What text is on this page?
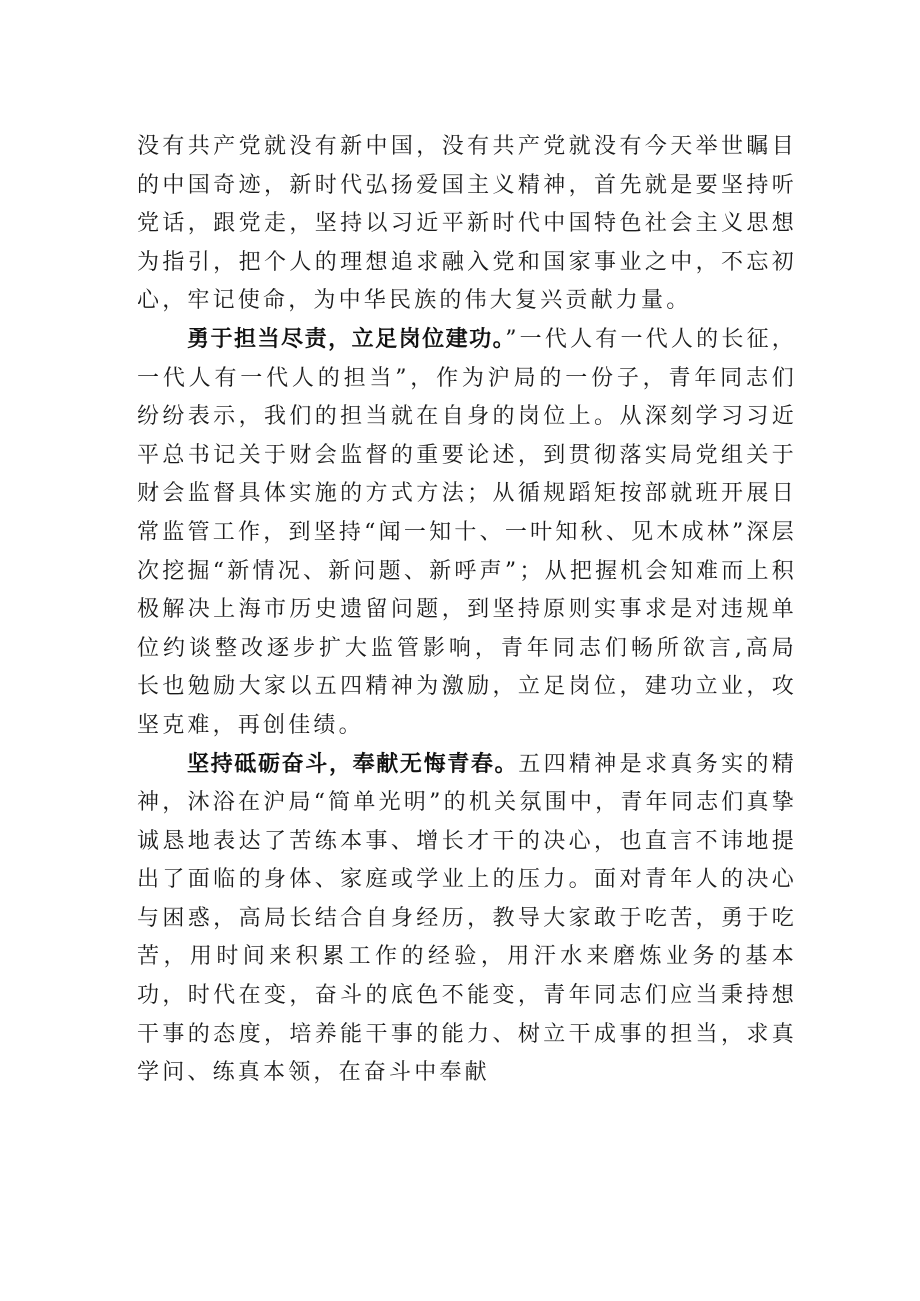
没有共产党就没有新中国，没有共产党就没有今天举世瞩目的中国奇迹，新时代弘扬爱国主义精神，首先就是要坚持听党话，跟党走，坚持以习近平新时代中国特色社会主义思想为指引，把个人的理想追求融入党和国家事业之中，不忘初心，牢记使命，为中华民族的伟大复兴贡献力量。

勇于担当尽责，立足岗位建功。”一代人有一代人的长征，一代人有一代人的担当”，作为沪局的一份子，青年同志们纷纷表示，我们的担当就在自身的岗位上。从深刻学习习近平总书记关于财会监督的重要论述，到贯彻落实局党组关于财会监督具体实施的方式方法；从循规蹈矩按部就班开展日常监管工作，到坚持“闻一知十、一叶知秋、见木成林”深层次挖掘“新情况、新问题、新呼声”；从把握机会知难而上积极解决上海市历史遗留问题，到坚持原则实事求是对违规单位约谈整改逐步扩大监管影响，青年同志们畅所欲言,高局长也勉励大家以五四精神为激励，立足岗位，建功立业，攻坚克难，再创佳绩。

坚持砥砺奋斗，奉献无悔青春。五四精神是求真务实的精神，沐浴在沪局“简单光明”的机关氛围中，青年同志们真挚诚恳地表达了苦练本事、增长才干的决心，也直言不讳地提出了面临的身体、家庭或学业上的压力。面对青年人的决心与困惑，高局长结合自身经历，教导大家敢于吃苦，勇于吃苦，用时间来积累工作的经验，用汗水来磨炼业务的基本功，时代在变，奋斗的底色不能变，青年同志们应当秉持想干事的态度，培养能干事的能力、树立干成事的担当，求真学问、练真本领，在奋斗中奉献
